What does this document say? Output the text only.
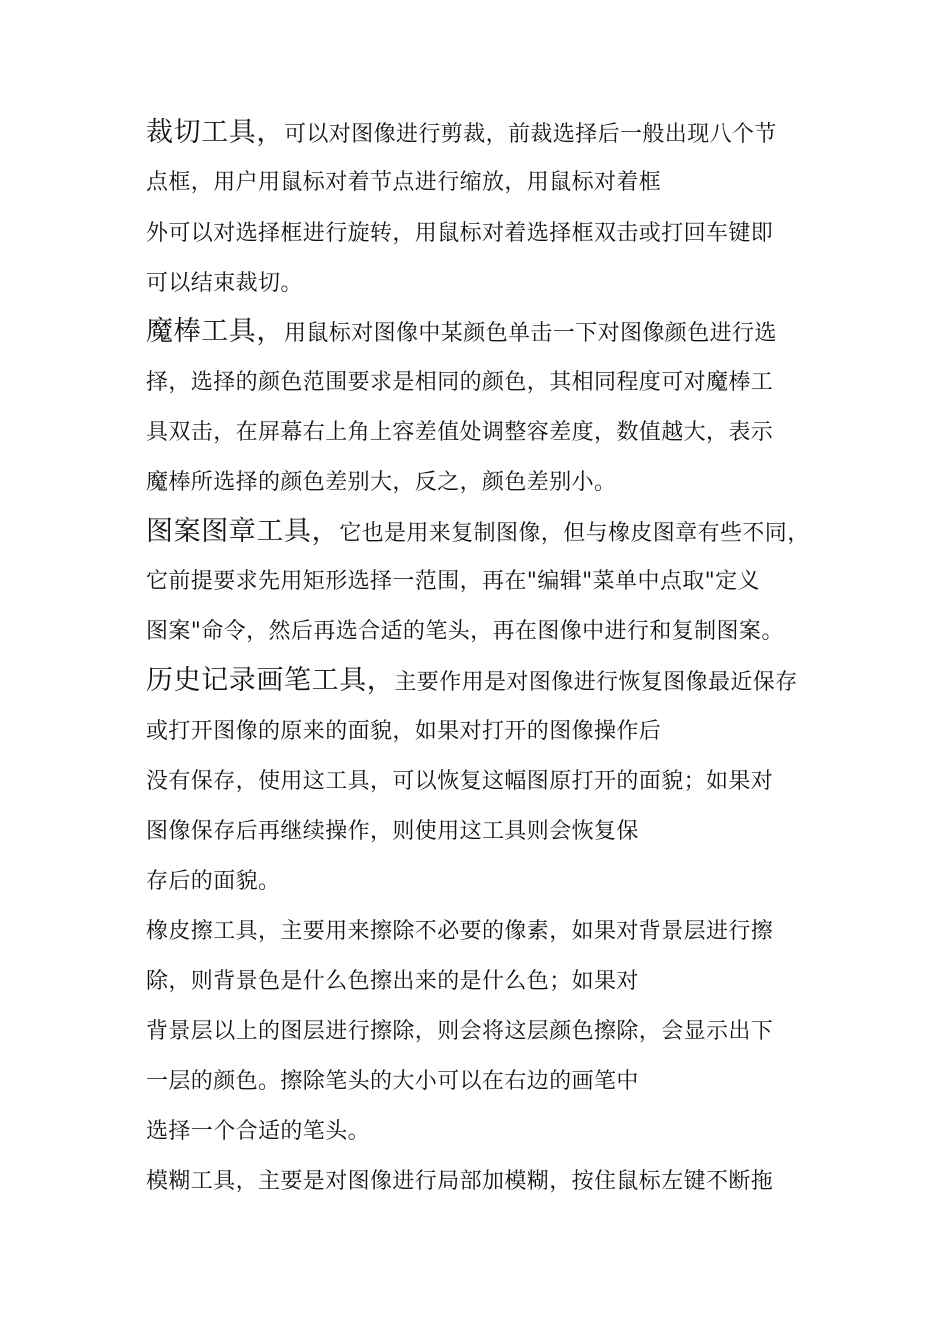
裁切工具，可以对图像进行剪裁，前裁选择后一般出现八个节
点框，用户用鼠标对着节点进行缩放，用鼠标对着框
外可以对选择框进行旋转，用鼠标对着选择框双击或打回车键即
可以结束裁切。
魔棒工具，用鼠标对图像中某颜色单击一下对图像颜色进行选
择，选择的颜色范围要求是相同的颜色，其相同程度可对魔棒工
具双击，在屏幕右上角上容差值处调整容差度，数值越大，表示
魔棒所选择的颜色差别大，反之，颜色差别小。
图案图章工具，它也是用来复制图像，但与橡皮图章有些不同，
它前提要求先用矩形选择一范围，再在"编辑"菜单中点取"定义
图案"命令，然后再选合适的笔头，再在图像中进行和复制图案。
历史记录画笔工具，主要作用是对图像进行恢复图像最近保存
或打开图像的原来的面貌，如果对打开的图像操作后
没有保存，使用这工具，可以恢复这幅图原打开的面貌；如果对
图像保存后再继续操作，则使用这工具则会恢复保
存后的面貌。
橡皮擦工具，主要用来擦除不必要的像素，如果对背景层进行擦
除，则背景色是什么色擦出来的是什么色；如果对
背景层以上的图层进行擦除，则会将这层颜色擦除，会显示出下
一层的颜色。擦除笔头的大小可以在右边的画笔中
选择一个合适的笔头。
模糊工具，主要是对图像进行局部加模糊，按住鼠标左键不断拖
